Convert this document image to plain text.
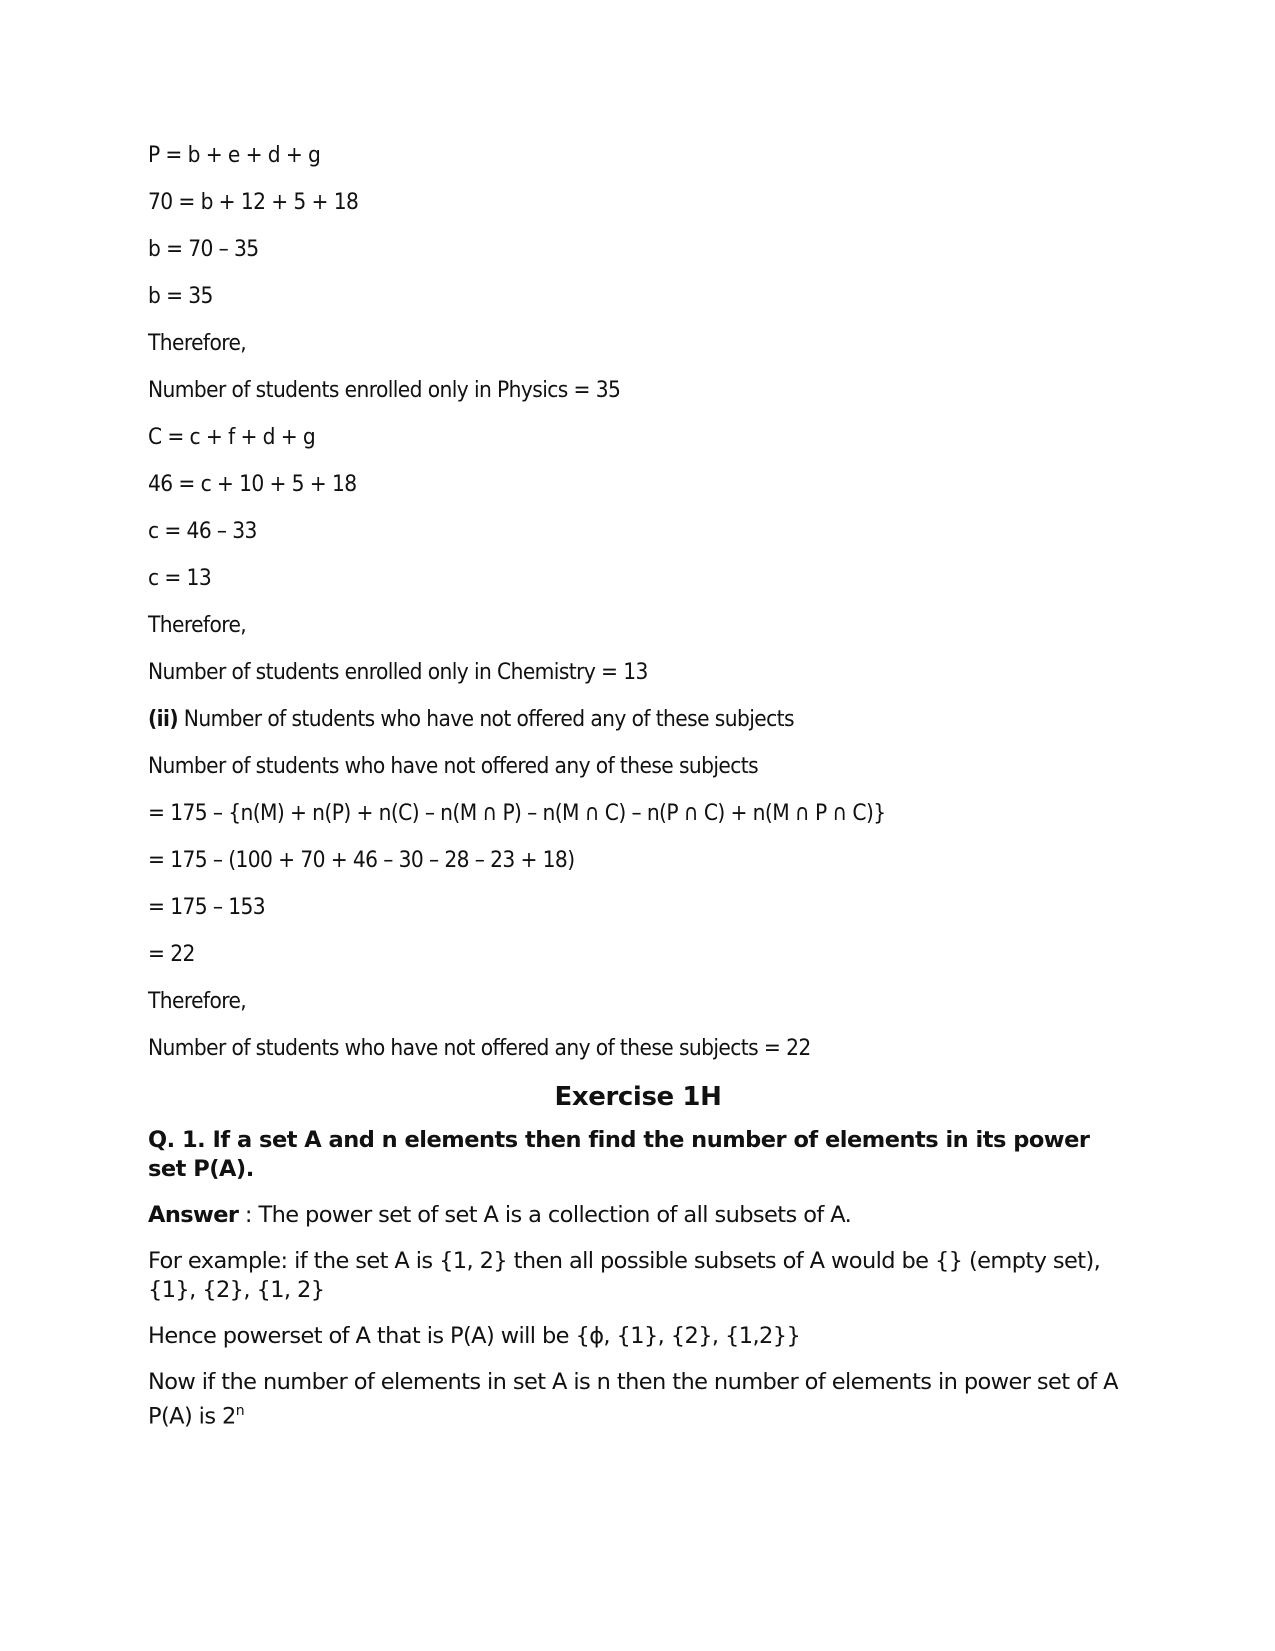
P = b + e + d + g
70 = b + 12 + 5 + 18
b = 70 – 35
b = 35
Therefore,
Number of students enrolled only in Physics = 35
C = c + f + d + g
46 = c + 10 + 5 + 18
c = 46 – 33
c = 13
Therefore,
Number of students enrolled only in Chemistry = 13
(ii) Number of students who have not offered any of these subjects
Number of students who have not offered any of these subjects
= 175 – {n(M) + n(P) + n(C) – n(M ∩ P) – n(M ∩ C) – n(P ∩ C) + n(M ∩ P ∩ C)}
= 175 – (100 + 70 + 46 – 30 – 28 – 23 + 18)
= 175 – 153
= 22
Therefore,
Number of students who have not offered any of these subjects = 22
Exercise 1H
Q. 1. If a set A and n elements then find the number of elements in its power set P(A).
Answer : The power set of set A is a collection of all subsets of A.
For example: if the set A is {1, 2} then all possible subsets of A would be {} (empty set), {1}, {2}, {1, 2}
Hence powerset of A that is P(A) will be {ϕ, {1}, {2}, {1,2}}
Now if the number of elements in set A is n then the number of elements in power set of A P(A) is 2$^n$
